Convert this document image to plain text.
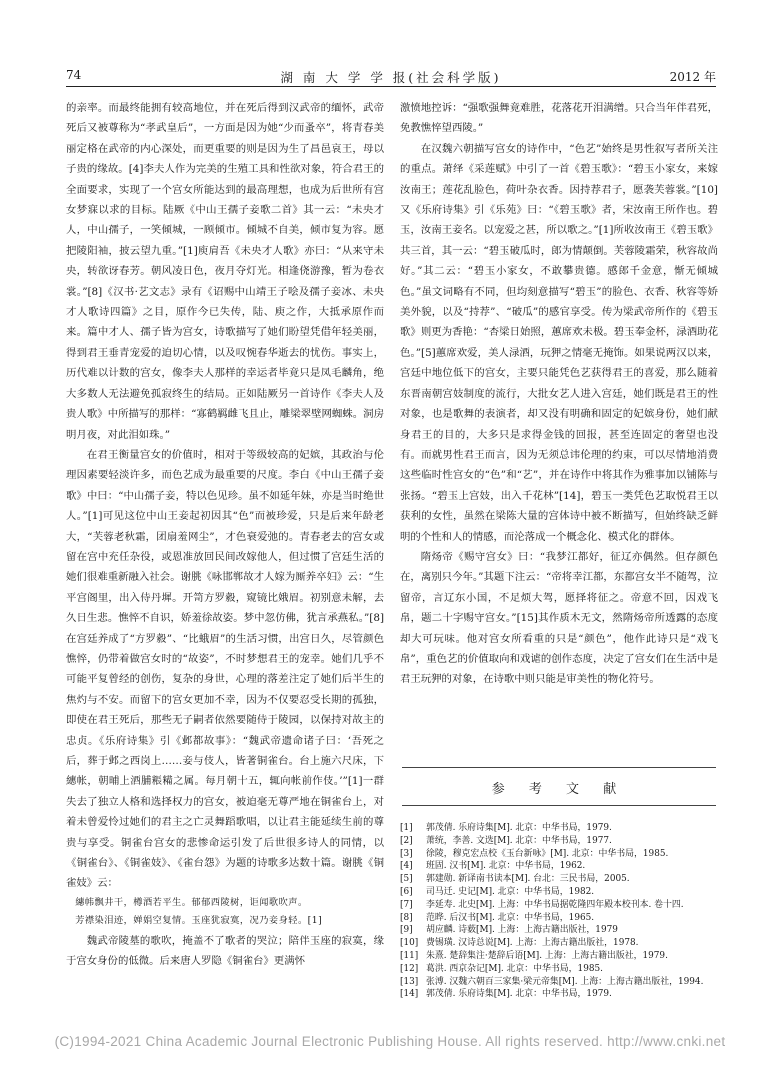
74	湖 南 大 学 学 报(社会科学版)	2012 年

的亲率。而最终能拥有较高地位，并在死后得到汉武帝的缅怀，武帝死后又被尊称为“孝武皇后”，一方面是因为她“少而蚤卒”，将青春美丽定格在武帝的内心深处，而更重要的则是因为生了昌邑哀王，母以子贵的缘故。[4]李夫人作为完美的生殖工具和性欲对象，符合君王的全面要求，实现了一个宫女所能达到的最高理想，也成为后世所有宫女梦寐以求的目标。陆厥《中山王孺子妾歌二首》其一云：“未央才人，中山孺子，一笑倾城，一顾倾市。倾城不自美，倾市复为容。愿把陵阳袖，披云望九重。”[1]庾肩吾《未央才人歌》亦曰：“从来守未央，转欲讶春芳。朝风凌日色，夜月夺灯光。相逢侥游豫，暂为卷衣裳。”[8]《汉书·艺文志》录有《诏赐中山靖王子哙及孺子妾冰、未央才人歌诗四篇》之目，原作今已失传，陆、庾之作，大抵承原作而来。篇中才人、孺子皆为宫女，诗歌描写了她们盼望凭借年轻美丽，得到君王垂青宠爱的迫切心情，以及叹惋春华逝去的忧伤。事实上，历代难以计数的宫女，像李夫人那样的幸运者毕竟只是凤毛麟角，绝大多数人无法避免孤寂终生的结局。正如陆厥另一首诗作《李夫人及贵人歌》中所描写的那样：“寡鹤羁雌飞且止，雕梁翠壁网蜘蛛。洞房明月夜，对此泪如珠。”

在君王衡量宫女的价值时，相对于等级较高的妃嫔，其政治与伦理因素要轻淡许多，而色艺成为最重要的尺度。李白《中山王孺子妾歌》中曰：“中山孺子妾，特以色见珍。虽不如延年妹，亦是当时绝世人。”[1]可见这位中山王妾起初因其“色”而被珍爱，只是后来年龄老大，“芙蓉老秋霜，团扇羞网尘”，才色衰爱弛的。青春老去的宫女或留在宫中充任杂役，或恩准放回民间改嫁他人，但过惯了宫廷生活的她们很难重新融入社会。谢朓《咏邯郸故才人嫁为厮养卒妇》云：“生平宫阁里，出入侍丹墀。开笥方罗縠，窥镜比娥眉。初别意未解，去久日生悲。憔悴不自识，娇羞徐故姿。梦中忽仿佛，犹言承燕私。”[8]在宫廷养成了“方罗縠”、“比蛾眉”的生活习惯，出宫日久，尽管颜色憔悴，仍带着做宫女时的“故姿”，不时梦想君王的宠幸。她们几乎不可能平复曾经的创伤，复杂的身世，心理的落差注定了她们后半生的焦灼与不安。而留下的宫女更加不幸，因为不仅要忍受长期的孤独，即使在君王死后，那些无子嗣者依然要随侍于陵园，以保持对故主的忠贞。《乐府诗集》引《邺都故事》：“魏武帝遗命诸子曰：‘吾死之后，葬于邺之西岗上……妾与伎人，皆著铜雀台。台上施六尺床，下繐帐，朝晡上酒脯粻糒之属。每月朝十五，辄向帐前作伎。’”[1]一群失去了独立人格和选择权力的宫女，被迫毫无尊严地在铜雀台上，对着未曾爱怜过她们的君主之亡灵舞蹈歌唱，以让君主能延续生前的尊贵与享受。铜雀台宫女的悲惨命运引发了后世很多诗人的同情，以《铜雀台》、《铜雀妓》、《雀台怨》为题的诗歌多达数十篇。谢朓《铜雀妓》云：

繐帏飘井干，樽酒若平生。郁郁西陵树，讵闻歌吹声。

芳襟染泪迹，婵娟空复情。玉座犹寂寞，况乃妾身轻。[1]

魏武帝陵墓的歌吹，掩盖不了歌者的哭泣；陪伴玉座的寂寞，缘于宫女身份的低微。后来唐人罗隐《铜雀台》更满怀

激愤地控诉：“强歌强舞竟难胜，花落花开泪满缯。只合当年伴君死，免教憔悴望西陵。”

在汉魏六朝描写宫女的诗作中，“色艺”始终是男性叙写者所关注的重点。萧绎《采莲赋》中引了一首《碧玉歌》：“碧玉小家女，来嫁汝南王；莲花乱脸色，荷叶杂衣香。因持荐君子，愿袭芙蓉裳。”[10]又《乐府诗集》引《乐苑》曰：“《碧玉歌》者，宋汝南王所作也。碧玉，汝南王妾名。以宠爱之甚，所以歌之。”[1]所收汝南王《碧玉歌》共三首，其一云：“碧玉破瓜时，郎为情颠倒。芙蓉陵霜荣，秋容故尚好。”其二云：“碧玉小家女，不敢攀贵德。感郎千金意，惭无倾城色。”虽文词略有不同，但均刻意描写“碧玉”的脸色、衣香、秋容等娇美外貌，以及“持荐”、“破瓜”的感官享受。传为梁武帝所作的《碧玉歌》则更为香艳：“杏梁日始照，蕙席欢未极。碧玉奉金杯，渌酒助花色。”[5]蕙席欢爱，美人渌酒，玩狎之情毫无掩饰。如果说两汉以来，宫廷中地位低下的宫女，主要只能凭色艺获得君王的喜爱，那么随着东晋南朝宫妓制度的流行，大批女艺人进入宫廷，她们既是君王的性对象，也是歌舞的表演者，却又没有明确和固定的妃嫔身份，她们献身君王的目的，大多只是求得金钱的回报，甚至连固定的奢望也没有。而就男性君王而言，因为无须总讳伦理的约束，可以尽情地消费这些临时性宫女的“色”和“艺”，并在诗作中将其作为雅事加以铺陈与张扬。“碧玉上宫妓，出入千花林”[14]，碧玉一类凭色艺取悦君王以获利的女性，虽然在梁陈大量的宫体诗中被不断描写，但始终缺乏鲜明的个性和人的情感，而沦落成一个概念化、模式化的群体。

隋炀帝《赐守宫女》曰：“我梦江都好，征辽亦偶然。但存颜色在，离别只今年。”其题下注云：“帝将幸江都，东都宫女半不随驾，泣留帝，言辽东小国，不足烦大驾，愿择将征之。帝意不回，因戏飞帛，题二十字赐守宫女。”[15]其作质木无文，然隋炀帝所透露的态度却大可玩味。他对宫女所看重的只是“颜色”，他作此诗只是“戏飞帛”，重色艺的价值取向和戏谑的创作态度，决定了宫女们在生活中是君王玩狎的对象，在诗歌中则只能是审美性的物化符号。

参 考 文 献
[1] 郭茂倩. 乐府诗集[M]. 北京：中华书局，1979.
[2] 萧统，李善. 文选[M]. 北京：中华书局，1977.
[3] 徐陵，穆克宏点校《玉台新咏》[M]. 北京：中华书局，1985.
[4] 班固. 汉书[M]. 北京：中华书局，1962.
[5] 郭建勋. 新译南书读本[M]. 台北：三民书局，2005.
[6] 司马迁. 史记[M]. 北京：中华书局，1982.
[7] 李延寿. 北史[M]. 上海：中华书局据乾隆四年殿本校刊本. 卷十四.
[8] 范晔. 后汉书[M]. 北京：中华书局，1965.
[9] 胡应麟. 诗薮[M]. 上海：上海古籍出版社，1979
[10] 费锡璜. 汉诗总说[M]. 上海：上海古籍出版社，1978.
[11] 朱熹. 楚辞集注·楚辞后语[M]. 上海：上海古籍出版社，1979.
[12] 葛洪. 西京杂记[M]. 北京：中华书局，1985.
[13] 张溥. 汉魏六朝百三家集·梁元帝集[M]. 上海：上海古籍出版社，1994.
[14] 郭茂倩. 乐府诗集[M]. 北京：中华书局，1979.
(C)1994-2021 China Academic Journal Electronic Publishing House. All rights reserved. http://www.cnki.net
